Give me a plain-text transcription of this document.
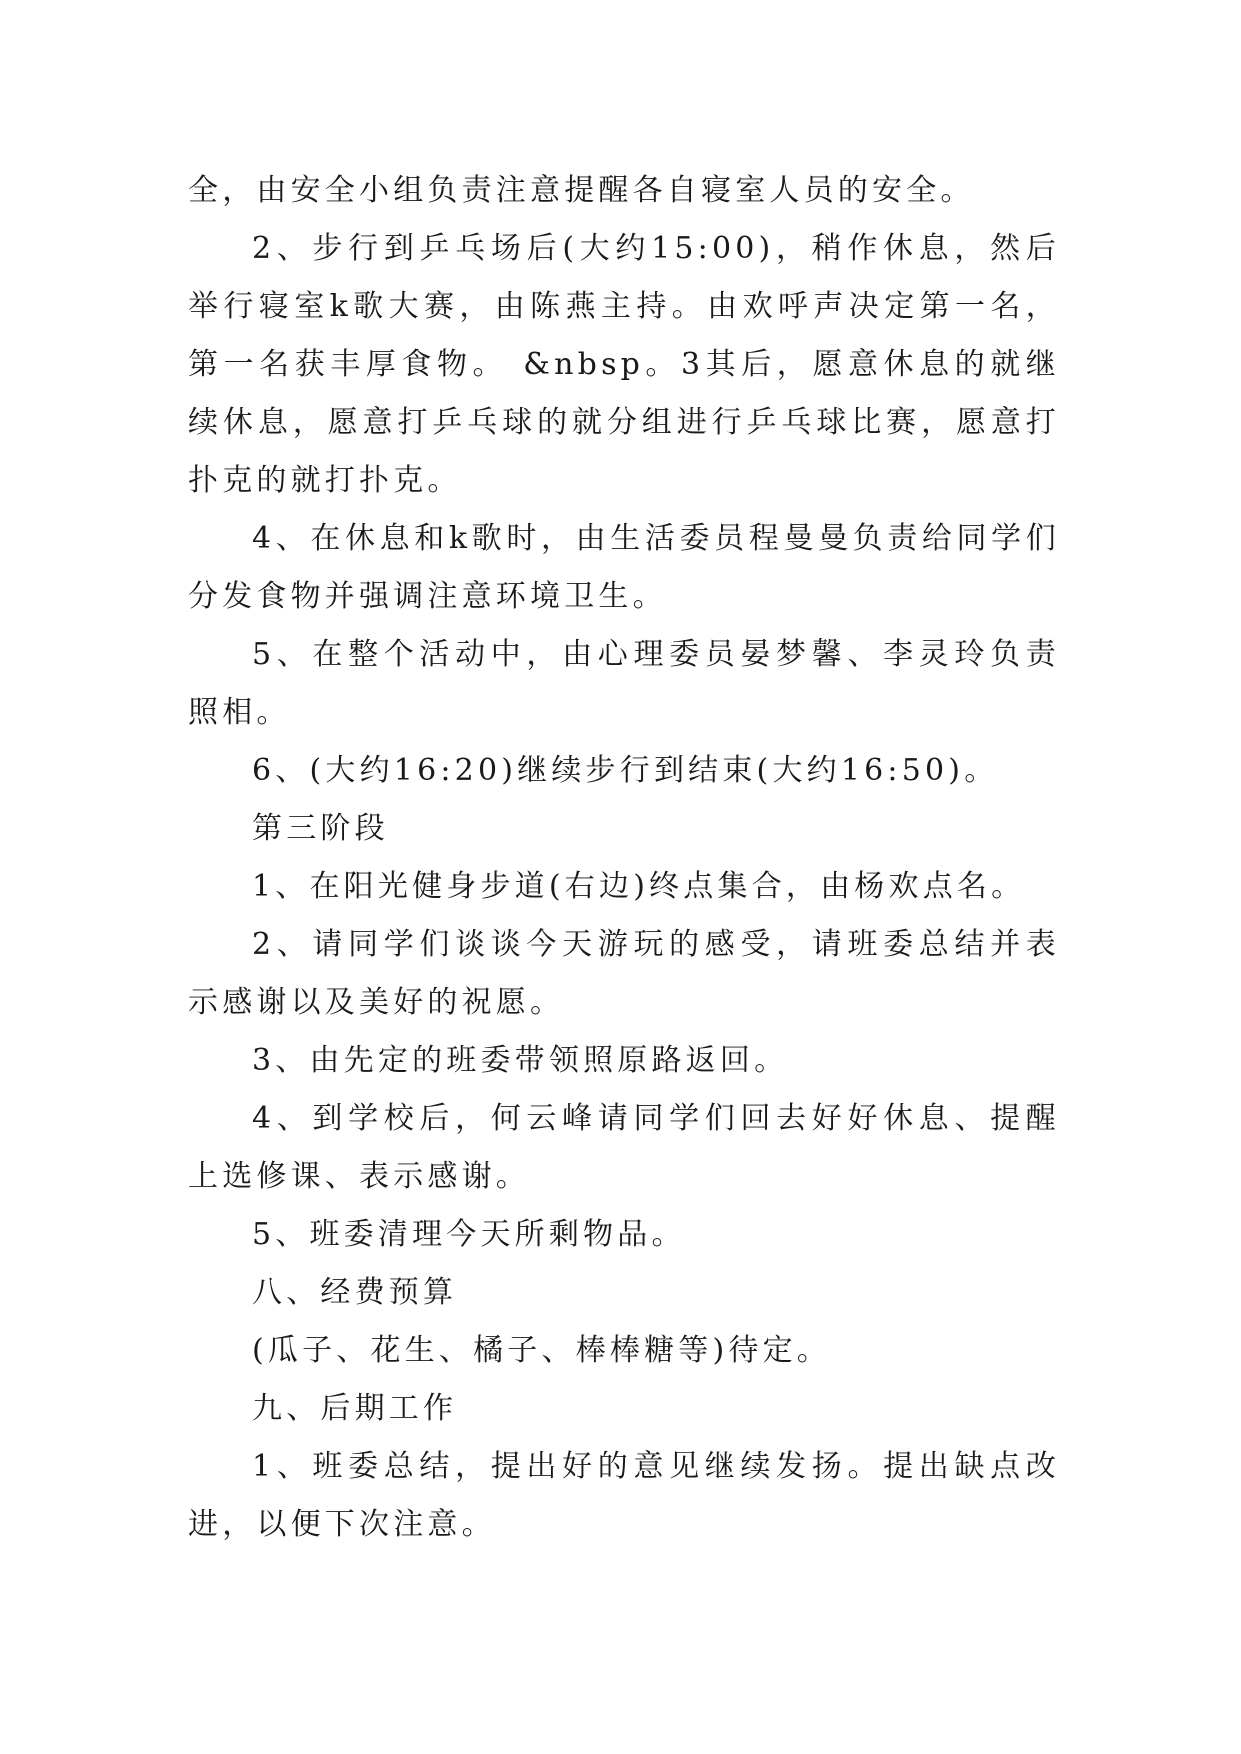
全，由安全小组负责注意提醒各自寝室人员的安全。

2、步行到乒乓场后(大约15:00)，稍作休息，然后举行寝室k歌大赛，由陈燕主持。由欢呼声决定第一名，第一名获丰厚食物。 &nbsp。3其后，愿意休息的就继续休息，愿意打乒乓球的就分组进行乒乓球比赛，愿意打扑克的就打扑克。

4、在休息和k歌时，由生活委员程曼曼负责给同学们分发食物并强调注意环境卫生。

5、在整个活动中，由心理委员晏梦馨、李灵玲负责照相。

6、(大约16:20)继续步行到结束(大约16:50)。

第三阶段

1、在阳光健身步道(右边)终点集合，由杨欢点名。

2、请同学们谈谈今天游玩的感受，请班委总结并表示感谢以及美好的祝愿。

3、由先定的班委带领照原路返回。

4、到学校后，何云峰请同学们回去好好休息、提醒上选修课、表示感谢。

5、班委清理今天所剩物品。

八、经费预算

(瓜子、花生、橘子、棒棒糖等)待定。

九、后期工作

1、班委总结，提出好的意见继续发扬。提出缺点改进，以便下次注意。
